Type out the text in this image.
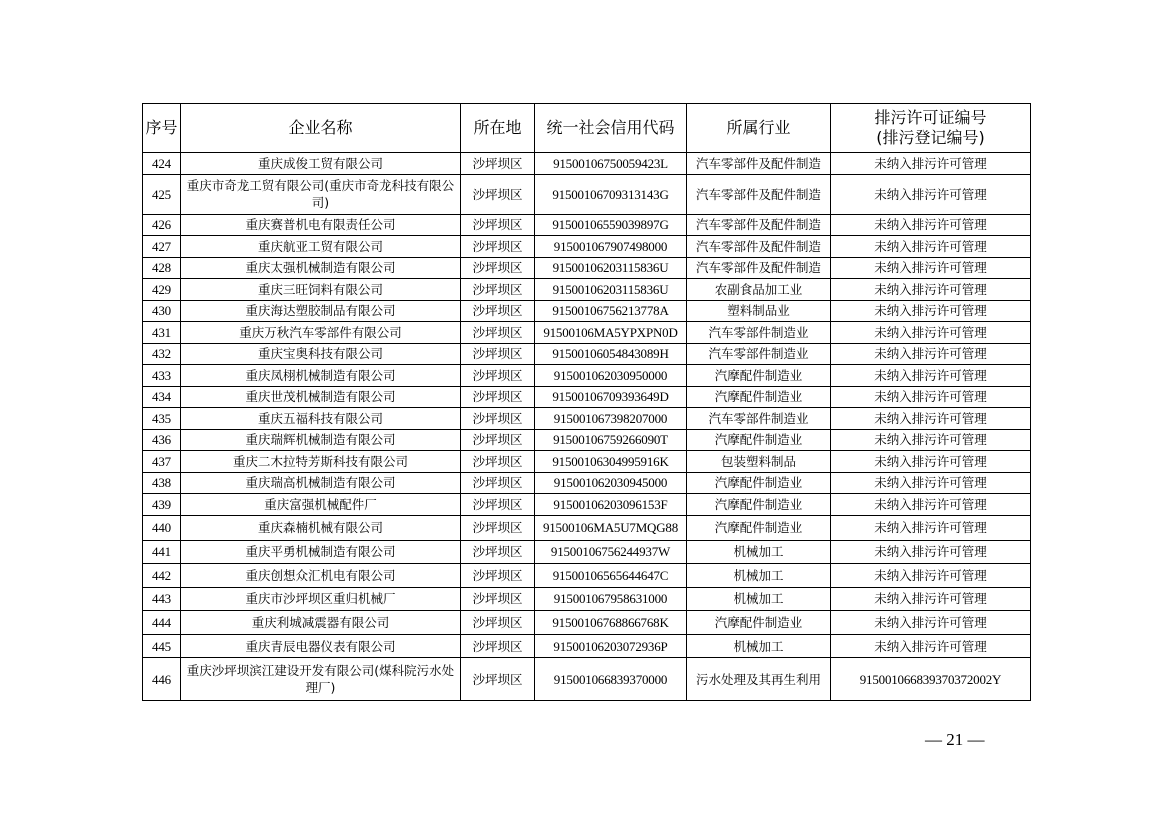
序号	企业名称	所在地	统一社会信用代码	所属行业	排污许可证编号
(排污登记编号)
424	重庆成俊工贸有限公司	沙坪坝区	91500106750059423L	汽车零部件及配件制造	未纳入排污许可管理
425	重庆市奇龙工贸有限公司(重庆市奇龙科技有限公司)	沙坪坝区	91500106709313143G	汽车零部件及配件制造	未纳入排污许可管理
426	重庆赛普机电有限责任公司	沙坪坝区	91500106559039897G	汽车零部件及配件制造	未纳入排污许可管理
427	重庆航亚工贸有限公司	沙坪坝区	91500106790749800​0	汽车零部件及配件制造	未纳入排污许可管理
428	重庆太强机械制造有限公司	沙坪坝区	91500106203115836U	汽车零部件及配件制造	未纳入排污许可管理
429	重庆三旺饲料有限公司	沙坪坝区	91500106203115836U	农副食品加工业	未纳入排污许可管理
430	重庆海达塑胶制品有限公司	沙坪坝区	91500106756213778A	塑料制品业	未纳入排污许可管理
431	重庆万秋汽车零部件有限公司	沙坪坝区	91500106MA5YPXPN0D	汽车零部件制造业	未纳入排污许可管理
432	重庆宝奥科技有限公司	沙坪坝区	91500106054843089H	汽车零部件制造业	未纳入排污许可管理
433	重庆凤栩机械制造有限公司	沙坪坝区	915001062030950000	汽摩配件制造业	未纳入排污许可管理
434	重庆世茂机械制造有限公司	沙坪坝区	91500106709393649D	汽摩配件制造业	未纳入排污许可管理
435	重庆五福科技有限公司	沙坪坝区	915001067398207000	汽车零部件制造业	未纳入排污许可管理
436	重庆瑞辉机械制造有限公司	沙坪坝区	91500106759266090T	汽摩配件制造业	未纳入排污许可管理
437	重庆二木拉特芳斯科技有限公司	沙坪坝区	91500106304995916K	包装塑料制品	未纳入排污许可管理
438	重庆瑞高机械制造有限公司	沙坪坝区	915001062030945000	汽摩配件制造业	未纳入排污许可管理
439	重庆富强机械配件厂	沙坪坝区	91500106203096153F	汽摩配件制造业	未纳入排污许可管理
440	重庆森楠机械有限公司	沙坪坝区	91500106MA5U7MQG88	汽摩配件制造业	未纳入排污许可管理
441	重庆平勇机械制造有限公司	沙坪坝区	91500106756244937W	机械加工	未纳入排污许可管理
442	重庆创想众汇机电有限公司	沙坪坝区	91500106565644647C	机械加工	未纳入排污许可管理
443	重庆市沙坪坝区重归机械厂	沙坪坝区	915001067958631000	机械加工	未纳入排污许可管理
444	重庆利城减震器有限公司	沙坪坝区	91500106768866768K	汽摩配件制造业	未纳入排污许可管理
445	重庆青辰电器仪表有限公司	沙坪坝区	91500106203072936P	机械加工	未纳入排污许可管理
446	重庆沙坪坝滨江建设开发有限公司(煤科院污水处理厂)	沙坪坝区	915001066839370000	污水处理及其再生利用	915001066839370372002Y
— 21 —
